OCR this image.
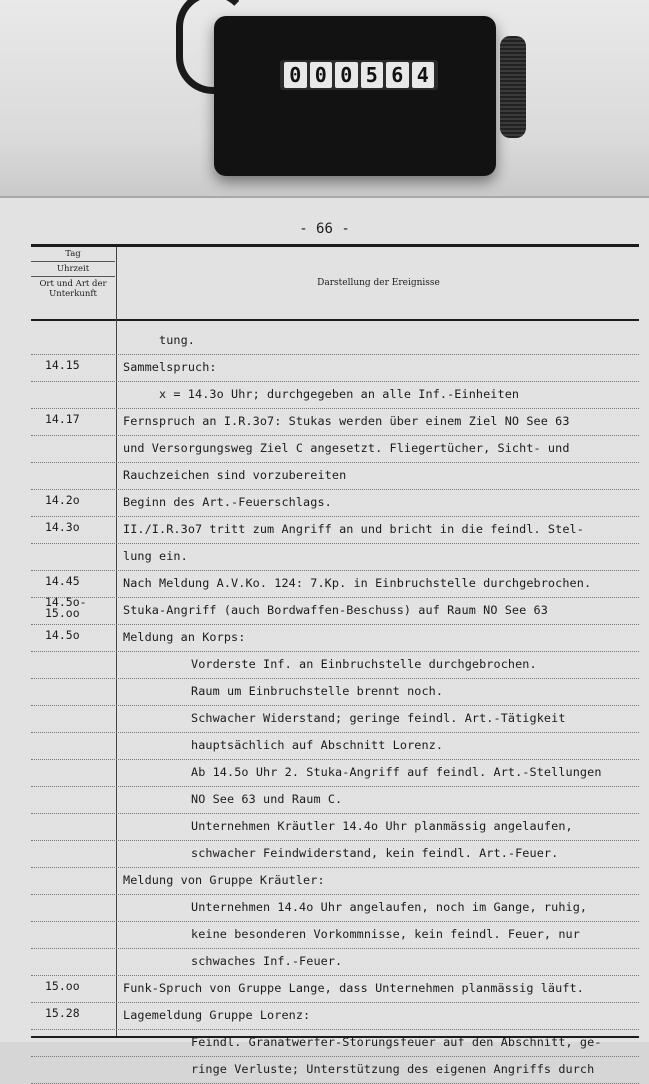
0 0 0 5 6 4
- 66 -
Tag
Uhrzeit
Ort und Art der Unterkunft
Darstellung der Ereignisse
tung.
14.15	Sammelspruch:
x = 14.3o Uhr; durchgegeben an alle Inf.-Einheiten
14.17	Fernspruch an I.R.3o7: Stukas werden über einem Ziel NO See 63
und Versorgungsweg Ziel C angesetzt. Fliegertücher, Sicht- und
Rauchzeichen sind vorzubereiten
14.2o	Beginn des Art.-Feuerschlags.
14.3o	II./I.R.3o7 tritt zum Angriff an und bricht in die feindl. Stel-
lung ein.
14.45	Nach Meldung A.V.Ko. 124: 7.Kp. in Einbruchstelle durchgebrochen.
14.5o-
15.oo	Stuka-Angriff (auch Bordwaffen-Beschuss) auf Raum NO See 63
14.5o	Meldung an Korps:
Vorderste Inf. an Einbruchstelle durchgebrochen.
Raum um Einbruchstelle brennt noch.
Schwacher Widerstand; geringe feindl. Art.-Tätigkeit
hauptsächlich auf Abschnitt Lorenz.
Ab 14.5o Uhr 2. Stuka-Angriff auf feindl. Art.-Stellungen
NO See 63 und Raum C.
Unternehmen Kräutler 14.4o Uhr planmässig angelaufen,
schwacher Feindwiderstand, kein feindl. Art.-Feuer.
Meldung von Gruppe Kräutler:
Unternehmen 14.4o Uhr angelaufen, noch im Gange, ruhig,
keine besonderen Vorkommnisse, kein feindl. Feuer, nur
schwaches Inf.-Feuer.
15.oo	Funk-Spruch von Gruppe Lange, dass Unternehmen planmässig läuft.
15.28	Lagemeldung Gruppe Lorenz:
Feindl. Granatwerfer-Störungsfeuer auf den Abschnitt, ge-
ringe Verluste; Unterstützung des eigenen Angriffs durch
